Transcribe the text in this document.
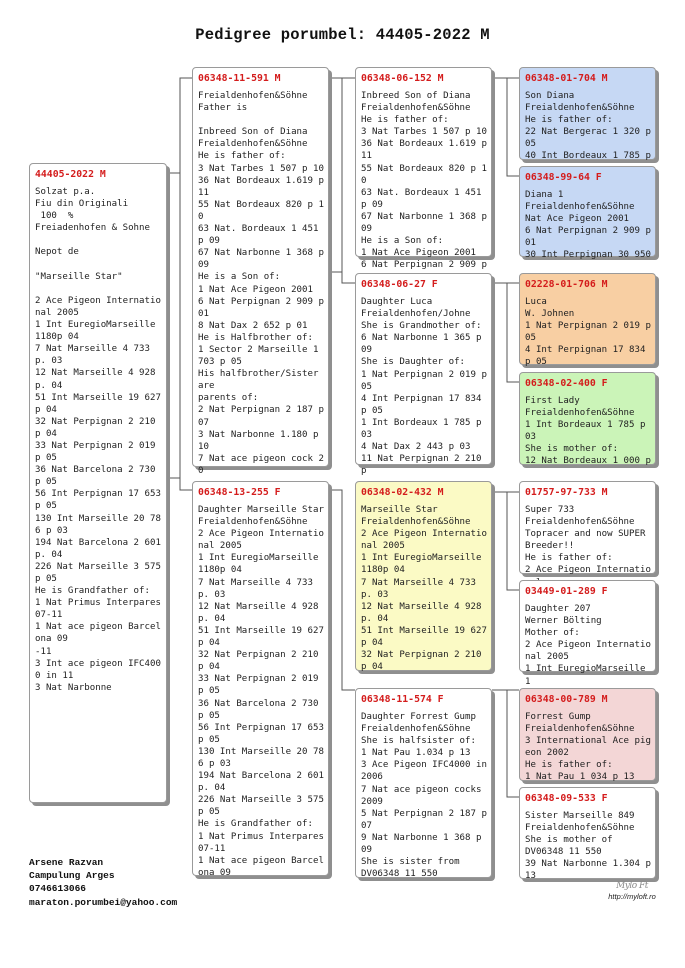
Pedigree porumbel: 44405-2022 M
44405-2022 M
Solzat p.a.
Fiu din Originali
100  %
Freiadenhofen & Sohne

Nepot de

"Marseille Star"

2 Ace Pigeon International 2005
1 Int EuregioMarseille 1180p 04
7 Nat Marseille 4 733 p. 03
12 Nat Marseille 4 928 p. 04
51 Int Marseille 19 627 p 04
32 Nat Perpignan 2 210 p 04
33 Nat Perpignan 2 019 p 05
36 Nat Barcelona 2 730 p 05
56 Int Perpignan 17 653 p 05
130 Int Marseille 20 786 p 03
194 Nat Barcelona 2 601 p. 04
226 Nat Marseille 3 575 p 05
He is Grandfather of:
1 Nat Primus Interpares 07-11
1 Nat ace pigeon Barcelona 09
-11
3 Int ace pigeon IFC4000 in 11
3 Nat Narbonne
06348-11-591 M
Freialdenhofen&Söhne
Father is

Inbreed Son of Diana
Freialdenhofen&Söhne
He is father of:
3 Nat Tarbes 1 507 p 10
36 Nat Bordeaux 1.619 p 11
55 Nat Bordeaux 820 p 10
63 Nat. Bordeaux 1 451 p 09
67 Nat Narbonne 1 368 p 09
He is a Son of:
1 Nat Ace Pigeon 2001
6 Nat Perpignan 2 909 p 01
8 Nat Dax 2 652 p 01
He is Halfbrother of:
1 Sector 2 Marseille 1 703 p 05
His halfbrother/Sister are
parents of:
2 Nat Perpignan 2 187 p 07
3 Nat Narbonne 1.180 p 10
7 Nat ace pigeon cock 20
06348-13-255 F
Daughter Marseille Star
Freialdenhofen&Söhne
2 Ace Pigeon International 2005
1 Int EuregioMarseille 1180p 04
7 Nat Marseille 4 733 p. 03
12 Nat Marseille 4 928 p. 04
51 Int Marseille 19 627 p 04
32 Nat Perpignan 2 210 p 04
33 Nat Perpignan 2 019 p 05
36 Nat Barcelona 2 730 p 05
56 Int Perpignan 17 653 p 05
130 Int Marseille 20 786 p 03
194 Nat Barcelona 2 601 p. 04
226 Nat Marseille 3 575 p 05
He is Grandfather of:
1 Nat Primus Interpares 07-11
1 Nat ace pigeon Barcelona 09
06348-06-152 M
Inbreed Son of Diana
Freialdenhofen&Söhne
He is father of:
3 Nat Tarbes 1 507 p 10
36 Nat Bordeaux 1.619 p 11
55 Nat Bordeaux 820 p 10
63 Nat. Bordeaux 1 451 p 09
67 Nat Narbonne 1 368 p 09
He is a Son of:
1 Nat Ace Pigeon 2001
6 Nat Perpignan 2 909 p
06348-06-27 F
Daughter Luca
Freialdenhofen/Johne
She is Grandmother of:
6 Nat Narbonne 1 365 p 09
She is Daughter of:
1 Nat Perpignan 2 019 p 05
4 Int Perpignan 17 834 p 05
1 Int Bordeaux 1 785 p 03
4 Nat Dax 2 443 p 03
11 Nat Perpignan 2 210 p
06348-02-432 M
Marseille Star
Freialdenhofen&Söhne
2 Ace Pigeon International 2005
1 Int EuregioMarseille 1180p 04
7 Nat Marseille 4 733 p. 03
12 Nat Marseille 4 928 p. 04
51 Int Marseille 19 627 p 04
32 Nat Perpignan 2 210 p 04
06348-11-574 F
Daughter Forrest Gump
Freialdenhofen&Söhne
She is halfsister of:
1 Nat Pau 1.034 p 13
3 Ace Pigeon IFC4000 in 2006
7 Nat ace pigeon cocks 2009
5 Nat Perpignan 2 187 p 07
9 Nat Narbonne 1 368 p 09
She is sister from
DV06348 11 550
06348-01-704 M
Son Diana
Freialdenhofen&Söhne
He is father of:
22 Nat Bergerac 1 320 p 05
40 Int Bordeaux 1 785 p
06348-99-64 F
Diana 1
Freialdenhofen&Söhne
Nat Ace Pigeon 2001
6 Nat Perpignan 2 909 p 01
30 Int Perpignan 30 950
02228-01-706 M
Luca
W. Johnen
1 Nat Perpignan 2 019 p 05
4 Int Perpignan 17 834 p 05
06348-02-400 F
First Lady
Freialdenhofen&Söhne
1 Int Bordeaux 1 785 p 03
She is mother of:
12 Nat Bordeaux 1 000 p
01757-97-733 M
Super 733
Freialdenhofen&Söhne
Topracer and now SUPER Breeder!!
He is father of:
2 Ace Pigeon Internatio
03449-01-289 F
Daughter 207
Werner Bölting
Mother of:
2 Ace Pigeon International 2005
1 Int EuregioMarseille 1
06348-00-789 M
Forrest Gump
Freialdenhofen&Söhne
3 International Ace pigeon 2002
He is father of:
1 Nat Pau 1 034 p 13
06348-09-533 F
Sister Marseille 849
Freialdenhofen&Söhne
She is mother of
DV06348 11 550
39 Nat Narbonne 1.304 p
13
Arsene Razvan
Campulung Arges
0746613066
maraton.porumbei@yahoo.com
Mylo Ft
http://myloft.ro
